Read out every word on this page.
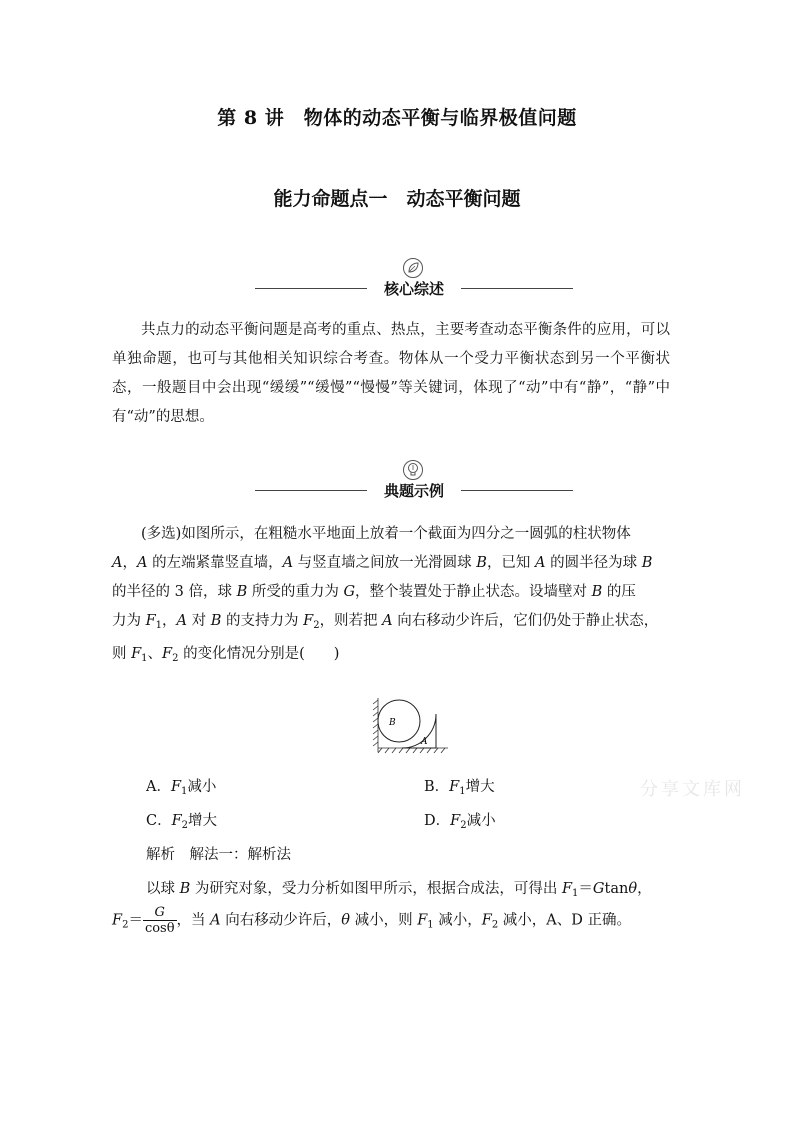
第 8 讲　物体的动态平衡与临界极值问题
能力命题点一　动态平衡问题
核心综述

共点力的动态平衡问题是高考的重点、热点，主要考查动态平衡条件的应用，可以单独命题，也可与其他相关知识综合考查。物体从一个受力平衡状态到另一个平衡状态，一般题目中会出现“缓缓”“缓慢”“慢慢”等关键词，体现了“动”中有“静”，“静”中有“动”的思想。

典题示例

(多选)如图所示，在粗糙水平地面上放着一个截面为四分之一圆弧的柱状物体

A，A 的左端紧靠竖直墙，A 与竖直墙之间放一光滑圆球 B，已知 A 的圆半径为球 B

的半径的 3 倍，球 B 所受的重力为 G，整个装置处于静止状态。设墙壁对 B 的压

力为 $F_1$，A 对 B 的支持力为 $F_2$，则若把 A 向右移动少许后，它们仍处于静止状态，

则 $F_1$、$F_2$ 的变化情况分别是(　　)

B
A
A．$F_1$减小	B．$F_1$增大
C．$F_2$增大	D．$F_2$减小
分享文库网
解析　解法一：解析法
以球 B 为研究对象，受力分析如图甲所示，根据合成法，可得出 $F_1=Gtan\theta$，
$F_2= \frac{G}{\cos\theta}$ ，当 A 向右移动少许后，θ 减小，则 $F_1$ 减小，$F_2$ 减小，A、D 正确。
